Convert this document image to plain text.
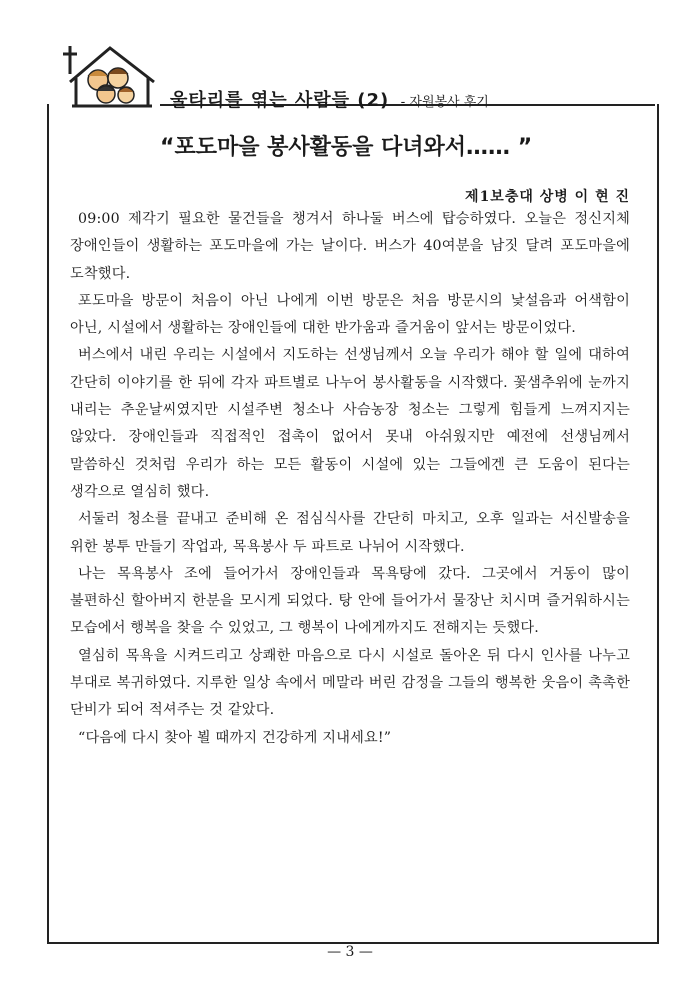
울타리를 엮는 사람들 (2) - 자원봉사 후기
“포도마을 봉사활동을 다녀와서…… ”
제1보충대 상병 이 현 진

09:00 제각기 필요한 물건들을 챙겨서 하나둘 버스에 탑승하였다. 오늘은 정신지체 장애인들이 생활하는 포도마을에 가는 날이다. 버스가 40여분을 남짓 달려 포도마을에 도착했다.

포도마을 방문이 처음이 아닌 나에게 이번 방문은 처음 방문시의 낯설음과 어색함이 아닌, 시설에서 생활하는 장애인들에 대한 반가움과 즐거움이 앞서는 방문이었다.

버스에서 내린 우리는 시설에서 지도하는 선생님께서 오늘 우리가 해야 할 일에 대하여 간단히 이야기를 한 뒤에 각자 파트별로 나누어 봉사활동을 시작했다. 꽃샘추위에 눈까지 내리는 추운날씨였지만 시설주변 청소나 사슴농장 청소는 그렇게 힘들게 느껴지지는 않았다. 장애인들과 직접적인 접촉이 없어서 못내 아쉬웠지만 예전에 선생님께서 말씀하신 것처럼 우리가 하는 모든 활동이 시설에 있는 그들에겐 큰 도움이 된다는 생각으로 열심히 했다.

서둘러 청소를 끝내고 준비해 온 점심식사를 간단히 마치고, 오후 일과는 서신발송을 위한 봉투 만들기 작업과, 목욕봉사 두 파트로 나뉘어 시작했다.

나는 목욕봉사 조에 들어가서 장애인들과 목욕탕에 갔다. 그곳에서 거동이 많이 불편하신 할아버지 한분을 모시게 되었다. 탕 안에 들어가서 물장난 치시며 즐거워하시는 모습에서 행복을 찾을 수 있었고, 그 행복이 나에게까지도 전해지는 듯했다.

열심히 목욕을 시켜드리고 상쾌한 마음으로 다시 시설로 돌아온 뒤 다시 인사를 나누고 부대로 복귀하였다. 지루한 일상 속에서 메말라 버린 감정을 그들의 행복한 웃음이 촉촉한 단비가 되어 적셔주는 것 같았다.

“다음에 다시 찾아 뵐 때까지 건강하게 지내세요!”

— 3 —
